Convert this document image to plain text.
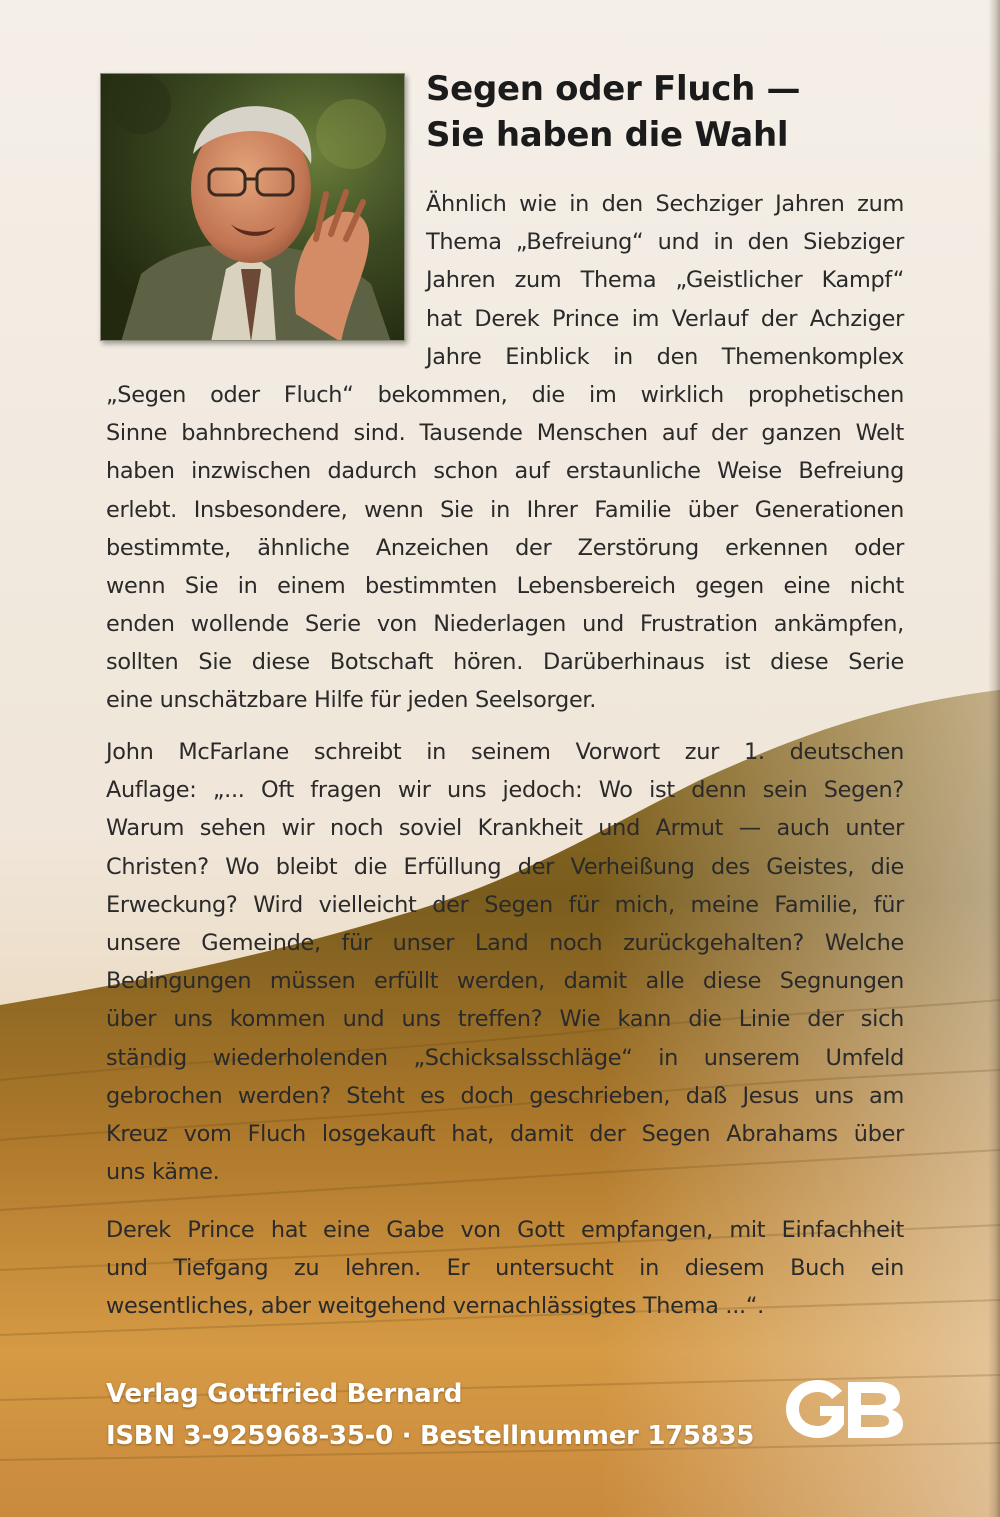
Segen oder Fluch —
Sie haben die Wahl
Ähnlich wie in den Sechziger Jahren zum
Thema „Befreiung“ und in den Siebziger
Jahren zum Thema „Geistlicher Kampf“
hat Derek Prince im Verlauf der Achziger
Jahre Einblick in den Themenkomplex
„Segen oder Fluch“ bekommen, die im wirklich prophetischen
Sinne bahnbrechend sind. Tausende Menschen auf der ganzen Welt
haben inzwischen dadurch schon auf erstaunliche Weise Befreiung
erlebt. Insbesondere, wenn Sie in Ihrer Familie über Generationen
bestimmte, ähnliche Anzeichen der Zerstörung erkennen oder
wenn Sie in einem bestimmten Lebensbereich gegen eine nicht
enden wollende Serie von Niederlagen und Frustration ankämpfen,
sollten Sie diese Botschaft hören. Darüberhinaus ist diese Serie
eine unschätzbare Hilfe für jeden Seelsorger.
John McFarlane schreibt in seinem Vorwort zur 1. deutschen
Auflage: „... Oft fragen wir uns jedoch: Wo ist denn sein Segen?
Warum sehen wir noch soviel Krankheit und Armut — auch unter
Christen? Wo bleibt die Erfüllung der Verheißung des Geistes, die
Erweckung? Wird vielleicht der Segen für mich, meine Familie, für
unsere Gemeinde, für unser Land noch zurückgehalten? Welche
Bedingungen müssen erfüllt werden, damit alle diese Segnungen
über uns kommen und uns treffen? Wie kann die Linie der sich
ständig wiederholenden „Schicksalsschläge“ in unserem Umfeld
gebrochen werden? Steht es doch geschrieben, daß Jesus uns am
Kreuz vom Fluch losgekauft hat, damit der Segen Abrahams über
uns käme.
Derek Prince hat eine Gabe von Gott empfangen, mit Einfachheit
und Tiefgang zu lehren. Er untersucht in diesem Buch ein
wesentliches, aber weitgehend vernachlässigtes Thema ...“.
Verlag Gottfried Bernard
ISBN 3-925968-35-0 · Bestellnummer 175835
